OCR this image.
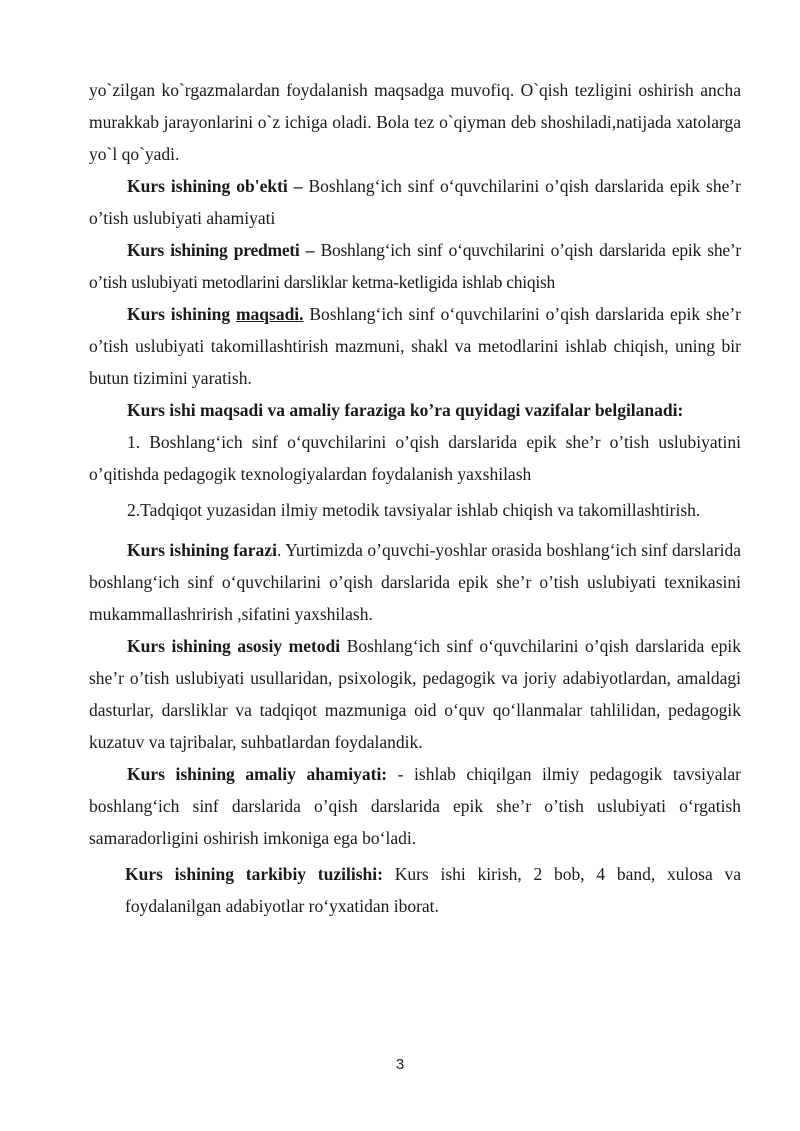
yo`zilgan ko`rgazmalardan foydalanish maqsadga muvofiq. O`qish tezligini oshirish ancha murakkab jarayonlarini o`z ichiga oladi. Bola tez o`qiyman deb shoshiladi,natijada xatolarga yo`l qo`yadi.

Kurs ishining ob'ekti – Boshlang‘ich sinf o‘quvchilarini o’qish darslarida epik she’r o’tish uslubiyati ahamiyati

Kurs ishining predmeti – Boshlang‘ich sinf o‘quvchilarini o’qish darslarida epik she’r o’tish uslubiyati metodlarini darsliklar ketma-ketligida ishlab chiqish

Kurs ishining maqsadi. Boshlang‘ich sinf o‘quvchilarini o’qish darslarida epik she’r o’tish uslubiyati takomillashtirish mazmuni, shakl va metodlarini ishlab chiqish, uning bir butun tizimini yaratish.

Kurs ishi maqsadi va amaliy faraziga ko’ra quyidagi vazifalar belgilanadi:

1. Boshlang‘ich sinf o‘quvchilarini o’qish darslarida epik she’r o’tish uslubiyatini o’qitishda pedagogik texnologiyalardan foydalanish yaxshilash

2.Tadqiqot yuzasidan ilmiy metodik tavsiyalar ishlab chiqish va takomillashtirish.

Kurs ishining farazi. Yurtimizda o’quvchi-yoshlar orasida boshlang‘ich sinf darslarida boshlang‘ich sinf o‘quvchilarini o’qish darslarida epik she’r o’tish uslubiyati texnikasini mukammallashrirish ,sifatini yaxshilash.

Kurs ishining asosiy metodi Boshlang‘ich sinf o‘quvchilarini o’qish darslarida epik she’r o’tish uslubiyati usullaridan, psixologik, pedagogik va joriy adabiyotlardan, amaldagi dasturlar, darsliklar va tadqiqot mazmuniga oid o‘quv qo‘llanmalar tahlilidan, pedagogik kuzatuv va tajribalar, suhbatlardan foydalandik.

Kurs ishining amaliy ahamiyati: - ishlab chiqilgan ilmiy pedagogik tavsiyalar boshlang‘ich sinf darslarida o’qish darslarida epik she’r o’tish uslubiyati o‘rgatish samaradorligini oshirish imkoniga ega bo‘ladi.

Kurs ishining tarkibiy tuzilishi: Kurs ishi kirish, 2 bob, 4 band, xulosa va
foydalanilgan adabiyotlar ro‘yxatidan iborat.

3
